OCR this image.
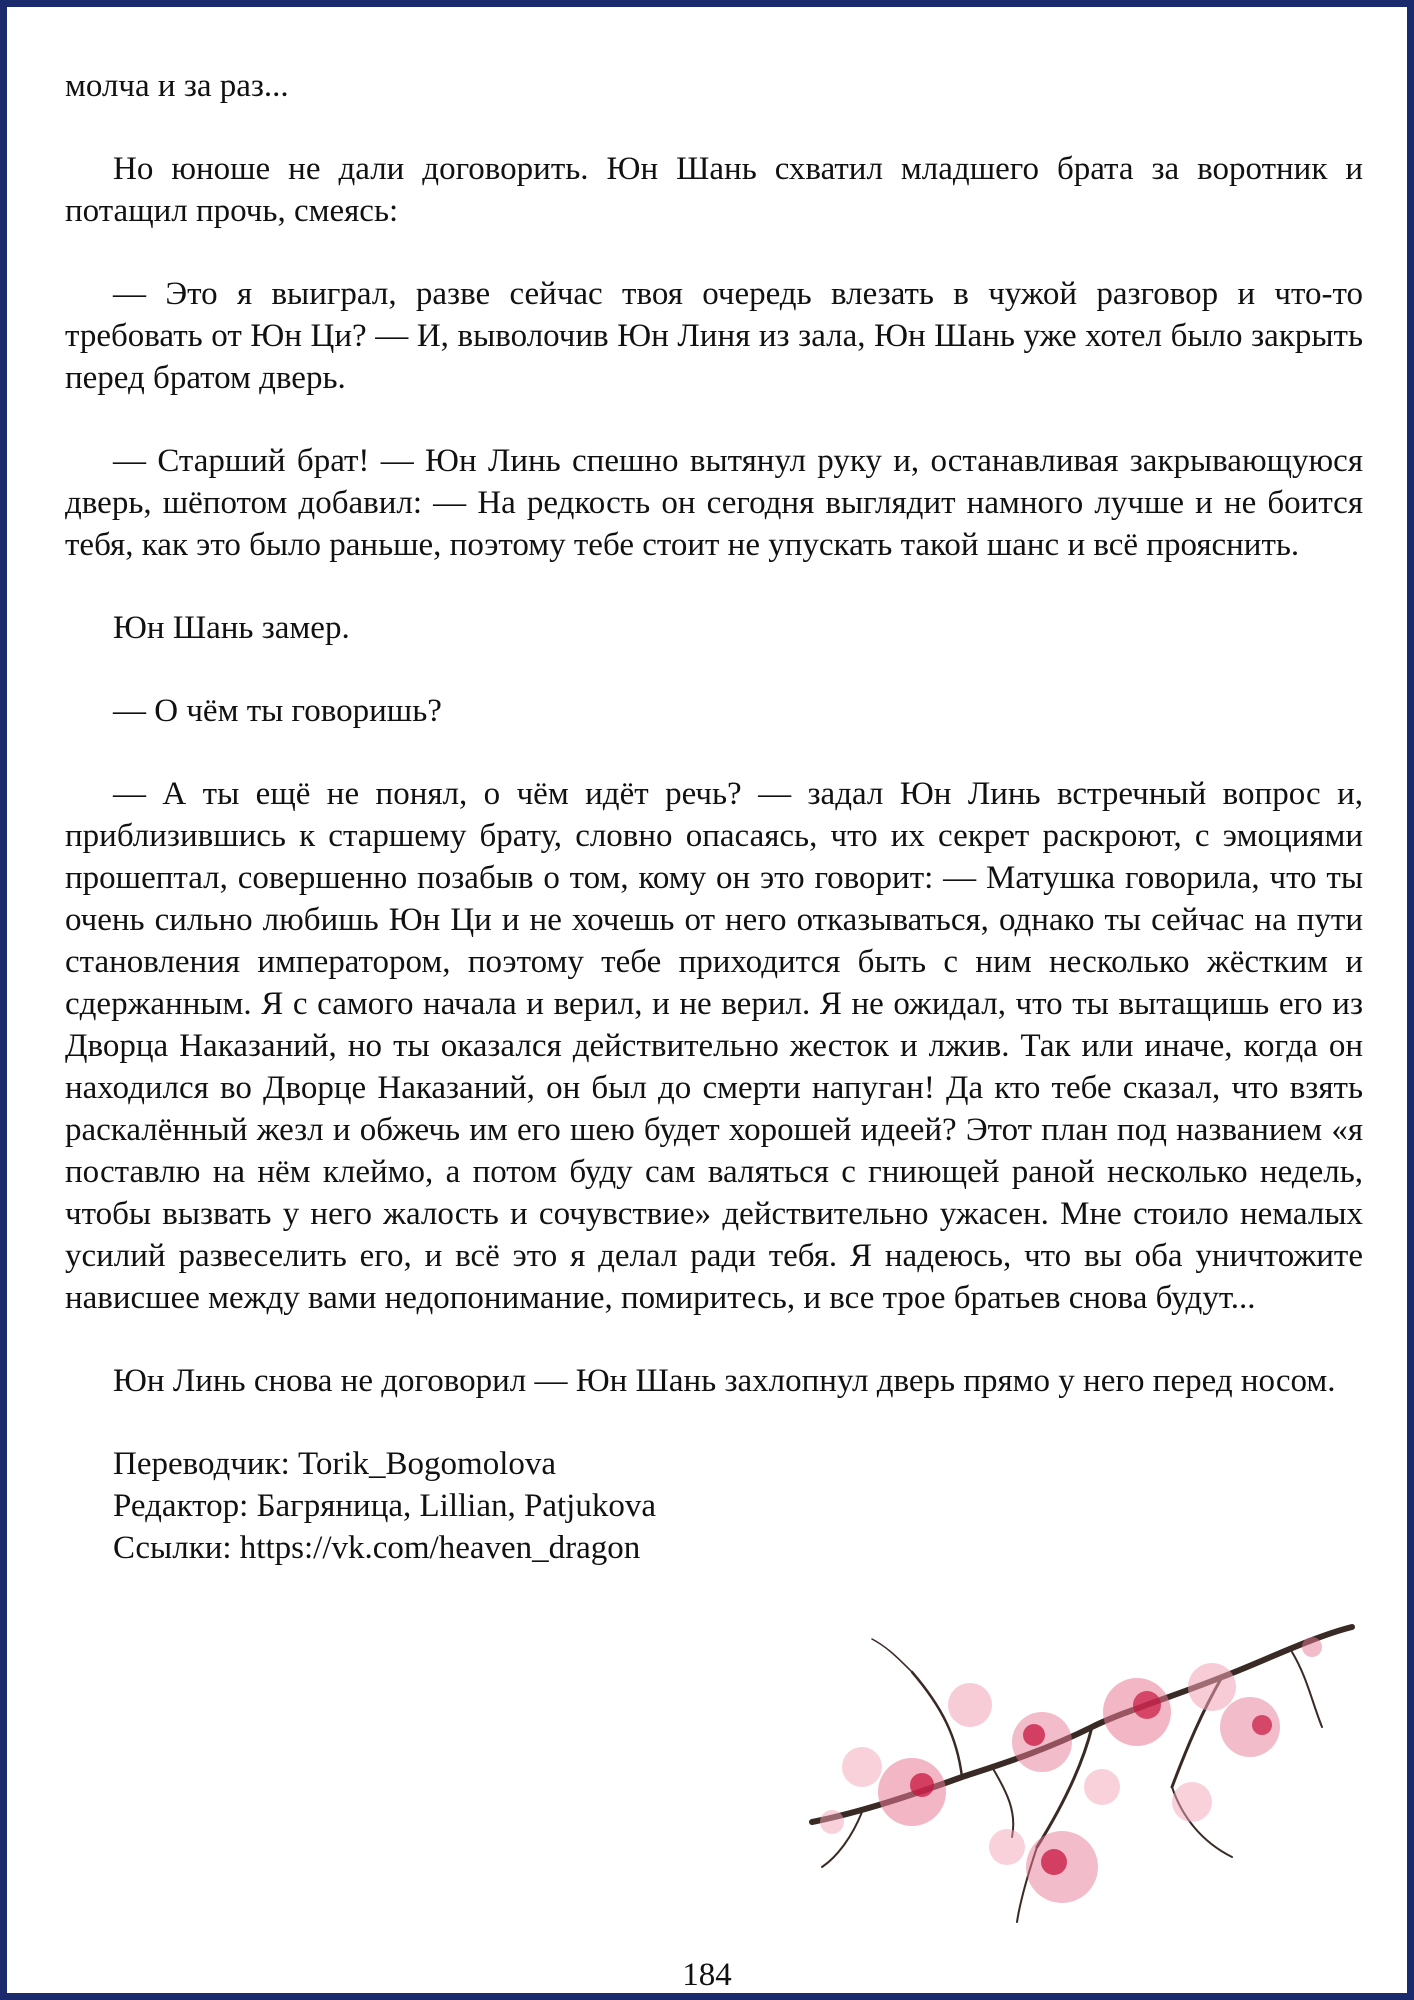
молча и за раз...

Но юноше не дали договорить. Юн Шань схватил младшего брата за воротник и потащил прочь, смеясь:

— Это я выиграл, разве сейчас твоя очередь влезать в чужой разговор и что-то требовать от Юн Ци? — И, выволочив Юн Линя из зала, Юн Шань уже хотел было закрыть перед братом дверь.

— Старший брат! — Юн Линь спешно вытянул руку и, останавливая закрывающуюся дверь, шёпотом добавил: — На редкость он сегодня выглядит намного лучше и не боится тебя, как это было раньше, поэтому тебе стоит не упускать такой шанс и всё прояснить.

Юн Шань замер.

— О чём ты говоришь?

— А ты ещё не понял, о чём идёт речь? — задал Юн Линь встречный вопрос и, приблизившись к старшему брату, словно опасаясь, что их секрет раскроют, с эмоциями прошептал, совершенно позабыв о том, кому он это говорит: — Матушка говорила, что ты очень сильно любишь Юн Ци и не хочешь от него отказываться, однако ты сейчас на пути становления императором, поэтому тебе приходится быть с ним несколько жёстким и сдержанным. Я с самого начала и верил, и не верил. Я не ожидал, что ты вытащишь его из Дворца Наказаний, но ты оказался действительно жесток и лжив. Так или иначе, когда он находился во Дворце Наказаний, он был до смерти напуган! Да кто тебе сказал, что взять раскалённый жезл и обжечь им его шею будет хорошей идеей? Этот план под названием «я поставлю на нём клеймо, а потом буду сам валяться с гниющей раной несколько недель, чтобы вызвать у него жалость и сочувствие» действительно ужасен. Мне стоило немалых усилий развеселить его, и всё это я делал ради тебя. Я надеюсь, что вы оба уничтожите нависшее между вами недопонимание, помиритесь, и все трое братьев снова будут...

Юн Линь снова не договорил — Юн Шань захлопнул дверь прямо у него перед носом.

Переводчик: Torik_Bogomolova
Редактор: Багряница, Lillian, Patjukova
Ссылки: https://vk.com/heaven_dragon
184
